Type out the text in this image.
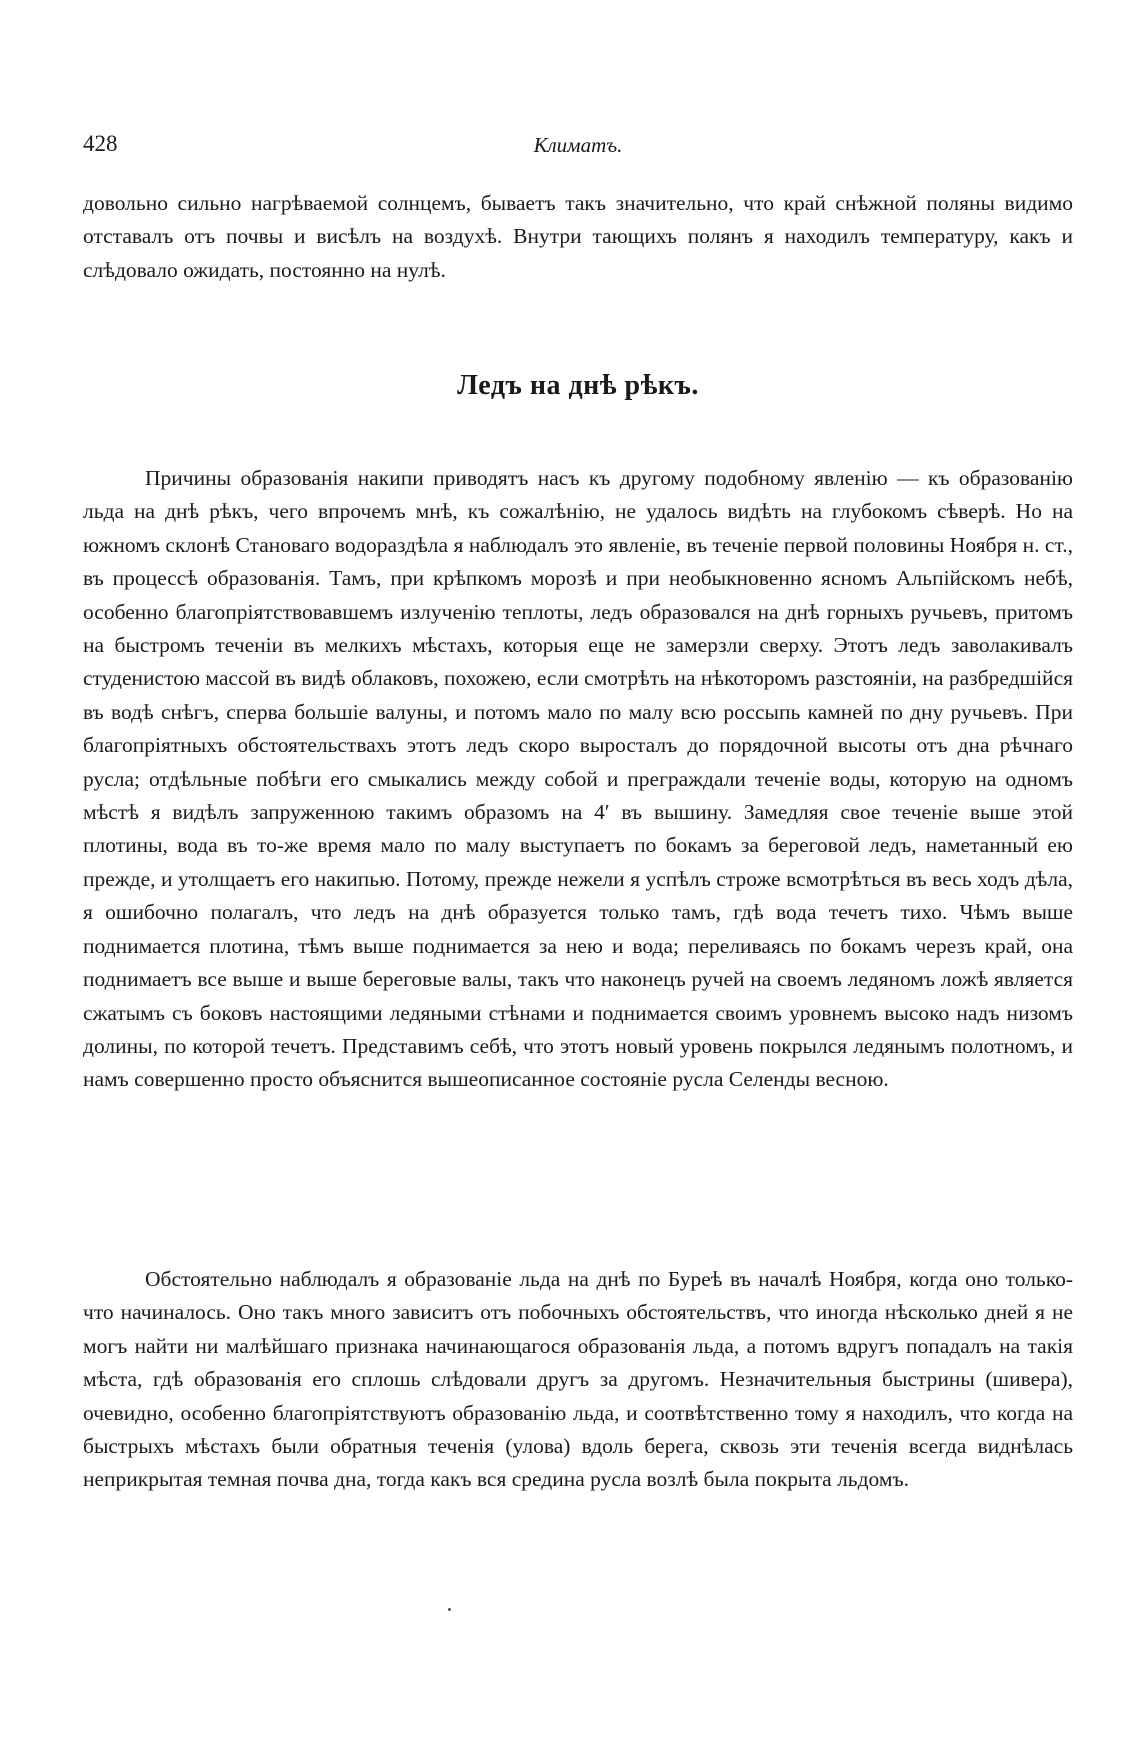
428	Климатъ.

довольно сильно нагрѣваемой солнцемъ, бываетъ такъ значительно, что край снѣжной поляны видимо отставалъ отъ почвы и висѣлъ на воздухѣ. Внутри тающихъ полянъ я находилъ температуру, какъ и слѣдовало ожидать, постоянно на нулѣ.

Ледъ на днѣ рѣкъ.

Причины образованія накипи приводятъ насъ къ другому подобному явленію — къ образованію льда на днѣ рѣкъ, чего впрочемъ мнѣ, къ сожалѣнію, не удалось видѣть на глубокомъ сѣверѣ. Но на южномъ склонѣ Становаго водораздѣла я наблюдалъ это явленіе, въ теченіе первой половины Ноября н. ст., въ процессѣ образованія. Тамъ, при крѣпкомъ морозѣ и при необыкновенно ясномъ Альпійскомъ небѣ, особенно благопріятствовавшемъ излученію теплоты, ледъ образовался на днѣ горныхъ ручьевъ, притомъ на быстромъ теченіи въ мелкихъ мѣстахъ, которыя еще не замерзли сверху. Этотъ ледъ заволакивалъ студенистою массой въ видѣ облаковъ, похожею, если смотрѣть на нѣкоторомъ разстояніи, на разбредшійся въ водѣ снѣгъ, сперва большіе валуны, и потомъ мало по малу всю россыпь камней по дну ручьевъ. При благопріятныхъ обстоятельствахъ этотъ ледъ скоро выросталъ до порядочной высоты отъ дна рѣчнаго русла; отдѣльные побѣги его смыкались между собой и преграждали теченіе воды, которую на одномъ мѣстѣ я видѣлъ запруженною такимъ образомъ на 4′ въ вышину. Замедляя свое теченіе выше этой плотины, вода въ то-же время мало по малу выступаетъ по бокамъ за береговой ледъ, наметанный ею прежде, и утолщаетъ его накипью. Потому, прежде нежели я успѣлъ строже всмотрѣться въ весь ходъ дѣла, я ошибочно полагалъ, что ледъ на днѣ образуется только тамъ, гдѣ вода течетъ тихо. Чѣмъ выше поднимается плотина, тѣмъ выше поднимается за нею и вода; переливаясь по бокамъ черезъ край, она поднимаетъ все выше и выше береговые валы, такъ что наконецъ ручей на своемъ ледяномъ ложѣ является сжатымъ съ боковъ настоящими ледяными стѣнами и поднимается своимъ уровнемъ высоко надъ низомъ долины, по которой течетъ. Представимъ себѣ, что этотъ новый уровень покрылся ледянымъ полотномъ, и намъ совершенно просто объяснится вышеописанное состояніе русла Селенды весною.

Обстоятельно наблюдалъ я образованіе льда на днѣ по Бурeѣ въ началѣ Ноября, когда оно только-что начиналось. Оно такъ много зависитъ отъ побочныхъ обстоятельствъ, что иногда нѣсколько дней я не могъ найти ни малѣйшаго признака начинающагося образованія льда, а потомъ вдругъ попадалъ на такія мѣста, гдѣ образованія его сплошь слѣдовали другъ за другомъ. Незначительныя быстрины (шивера), очевидно, особенно благопріятствуютъ образованію льда, и соотвѣтственно тому я находилъ, что когда на быстрыхъ мѣстахъ были обратныя теченія (улова) вдоль берега, сквозь эти теченія всегда виднѣлась неприкрытая темная почва дна, тогда какъ вся средина русла возлѣ была покрыта льдомъ.
